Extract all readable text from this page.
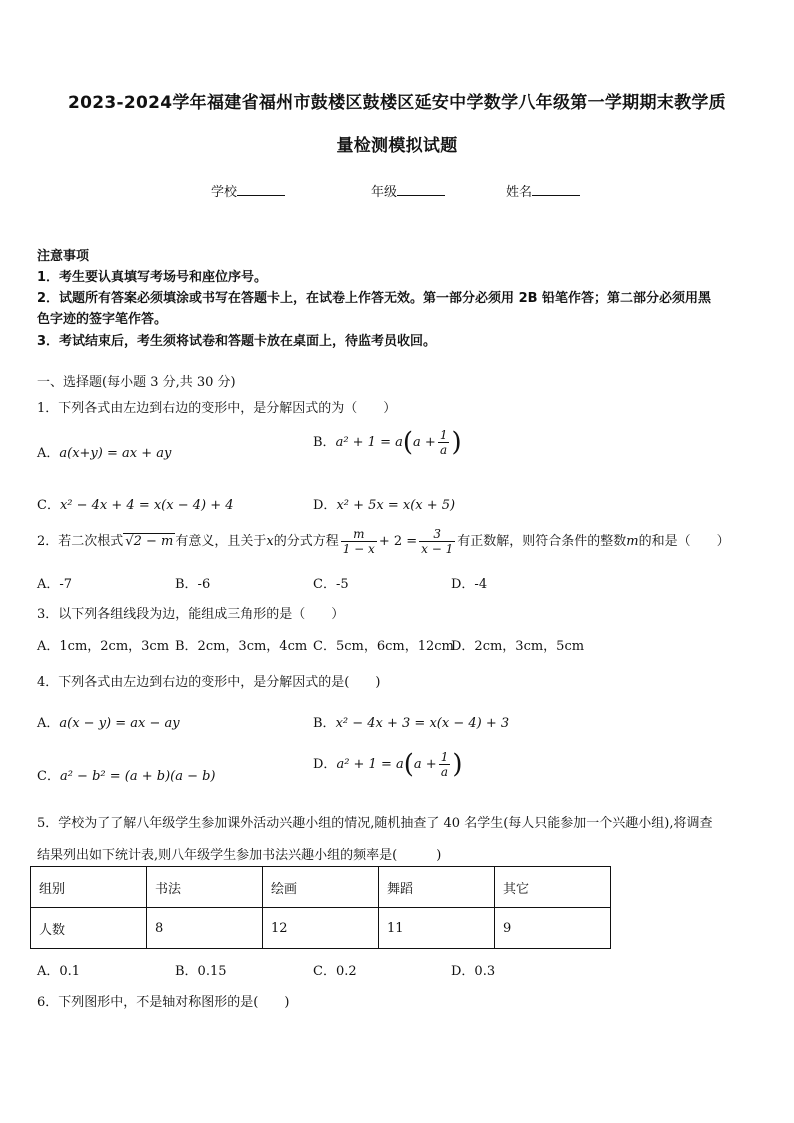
2023-2024学年福建省福州市鼓楼区鼓楼区延安中学数学八年级第一学期期末教学质
量检测模拟试题
学校	年级	姓名
注意事项
1．考生要认真填写考场号和座位序号。
2．试题所有答案必须填涂或书写在答题卡上，在试卷上作答无效。第一部分必须用 2B 铅笔作答；第二部分必须用黑
色字迹的签字笔作答。
3．考试结束后，考生须将试卷和答题卡放在桌面上，待监考员收回。
一、选择题(每小题 3 分,共 30 分)
1．下列各式由左边到右边的变形中，是分解因式的为（　　）
A．a(x+y) = ax + ay
B．$a^2 + 1 = a(a + \frac{1}{a}$ )
C．x² − 4x + 4 = x(x − 4) + 4	D．x² + 5x = x(x + 5)
2．若二次根式 √2 − m 有意义，且关于x的分式方程 $\frac{m}{1 - x} + 2 = \frac{3}{x - 1}$ 有正数解，则符合条件的整数m的和是（　　）
A．-7	B．-6	C．-5	D．-4
3．以下列各组线段为边，能组成三角形的是（　　）
A．1cm，2cm，3cm B．2cm，3cm，4cm C．5cm，6cm，12cm
D．2cm，3cm，5cm
4．下列各式由左边到右边的变形中，是分解因式的是(　　)
A．a(x − y) = ax − ay	B．x² − 4x + 3 = x(x − 4) + 3
C．a² − b² = (a + b)(a − b)
D．$a^2 + 1 = a(a + \frac{1}{a}$ )
5．学校为了了解八年级学生参加课外活动兴趣小组的情况,随机抽查了 40 名学生(每人只能参加一个兴趣小组),将调查
结果列出如下统计表,则八年级学生参加书法兴趣小组的频率是(　　　)
组别	书法	绘画	舞蹈	其它
人数	8	12	11	9
A．0.1	B．0.15	C．0.2	D．0.3
6．下列图形中，不是轴对称图形的是(　　)
